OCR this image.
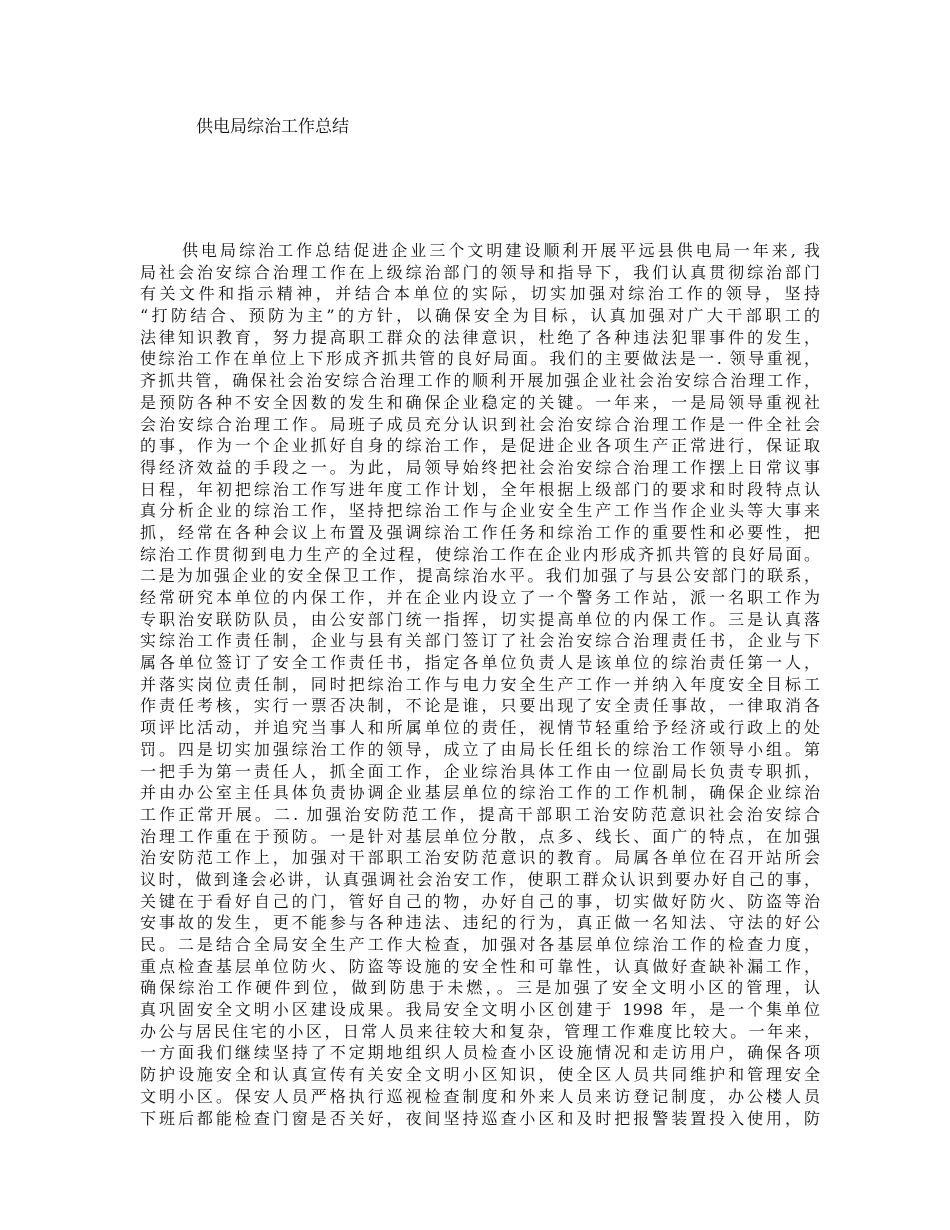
供电局综治工作总结
供电局综治工作总结促进企业三个文明建设顺利开展平远县供电局一年来, 我
局社会治安综合治理工作在上级综治部门的领导和指导下，我们认真贯彻综治部门
有关文件和指示精神，并结合本单位的实际，切实加强对综治工作的领导，坚持
“打防结合、预防为主”的方针，以确保安全为目标，认真加强对广大干部职工的
法律知识教育，努力提高职工群众的法律意识，杜绝了各种违法犯罪事件的发生，
使综治工作在单位上下形成齐抓共管的良好局面。我们的主要做法是一. 领导重视，
齐抓共管，确保社会治安综合治理工作的顺利开展加强企业社会治安综合治理工作，
是预防各种不安全因数的发生和确保企业稳定的关键。一年来，一是局领导重视社
会治安综合治理工作。局班子成员充分认识到社会治安综合治理工作是一件全社会
的事，作为一个企业抓好自身的综治工作，是促进企业各项生产正常进行，保证取
得经济效益的手段之一。为此，局领导始终把社会治安综合治理工作摆上日常议事
日程，年初把综治工作写进年度工作计划，全年根据上级部门的要求和时段特点认
真分析企业的综治工作，坚持把综治工作与企业安全生产工作当作企业头等大事来
抓，经常在各种会议上布置及强调综治工作任务和综治工作的重要性和必要性，把
综治工作贯彻到电力生产的全过程，使综治工作在企业内形成齐抓共管的良好局面。
二是为加强企业的安全保卫工作，提高综治水平。我们加强了与县公安部门的联系，
经常研究本单位的内保工作，并在企业内设立了一个警务工作站，派一名职工作为
专职治安联防队员，由公安部门统一指挥，切实提高单位的内保工作。三是认真落
实综治工作责任制，企业与县有关部门签订了社会治安综合治理责任书，企业与下
属各单位签订了安全工作责任书，指定各单位负责人是该单位的综治责任第一人，
并落实岗位责任制，同时把综治工作与电力安全生产工作一并纳入年度安全目标工
作责任考核，实行一票否决制，不论是谁，只要出现了安全责任事故，一律取消各
项评比活动，并追究当事人和所属单位的责任，视情节轻重给予经济或行政上的处
罚。四是切实加强综治工作的领导，成立了由局长任组长的综治工作领导小组。第
一把手为第一责任人，抓全面工作，企业综治具体工作由一位副局长负责专职抓，
并由办公室主任具体负责协调企业基层单位的综治工作的工作机制，确保企业综治
工作正常开展。二. 加强治安防范工作，提高干部职工治安防范意识社会治安综合
治理工作重在于预防。一是针对基层单位分散，点多、线长、面广的特点，在加强
治安防范工作上，加强对干部职工治安防范意识的教育。局属各单位在召开站所会
议时，做到逢会必讲，认真强调社会治安工作，使职工群众认识到要办好自己的事，
关键在于看好自己的门，管好自己的物，办好自己的事，切实做好防火、防盗等治
安事故的发生，更不能参与各种违法、违纪的行为，真正做一名知法、守法的好公
民。二是结合全局安全生产工作大检查，加强对各基层单位综治工作的检查力度，
重点检查基层单位防火、防盗等设施的安全性和可靠性，认真做好查缺补漏工作，
确保综治工作硬件到位，做到防患于未燃，。三是加强了安全文明小区的管理，认
真巩固安全文明小区建设成果。我局安全文明小区创建于 1998 年，是一个集单位
办公与居民住宅的小区，日常人员来往较大和复杂，管理工作难度比较大。一年来，
一方面我们继续坚持了不定期地组织人员检查小区设施情况和走访用户，确保各项
防护设施安全和认真宣传有关安全文明小区知识，使全区人员共同维护和管理安全
文明小区。保安人员严格执行巡视检查制度和外来人员来访登记制度，办公楼人员
下班后都能检查门窗是否关好，夜间坚持巡查小区和及时把报警装置投入使用，防
